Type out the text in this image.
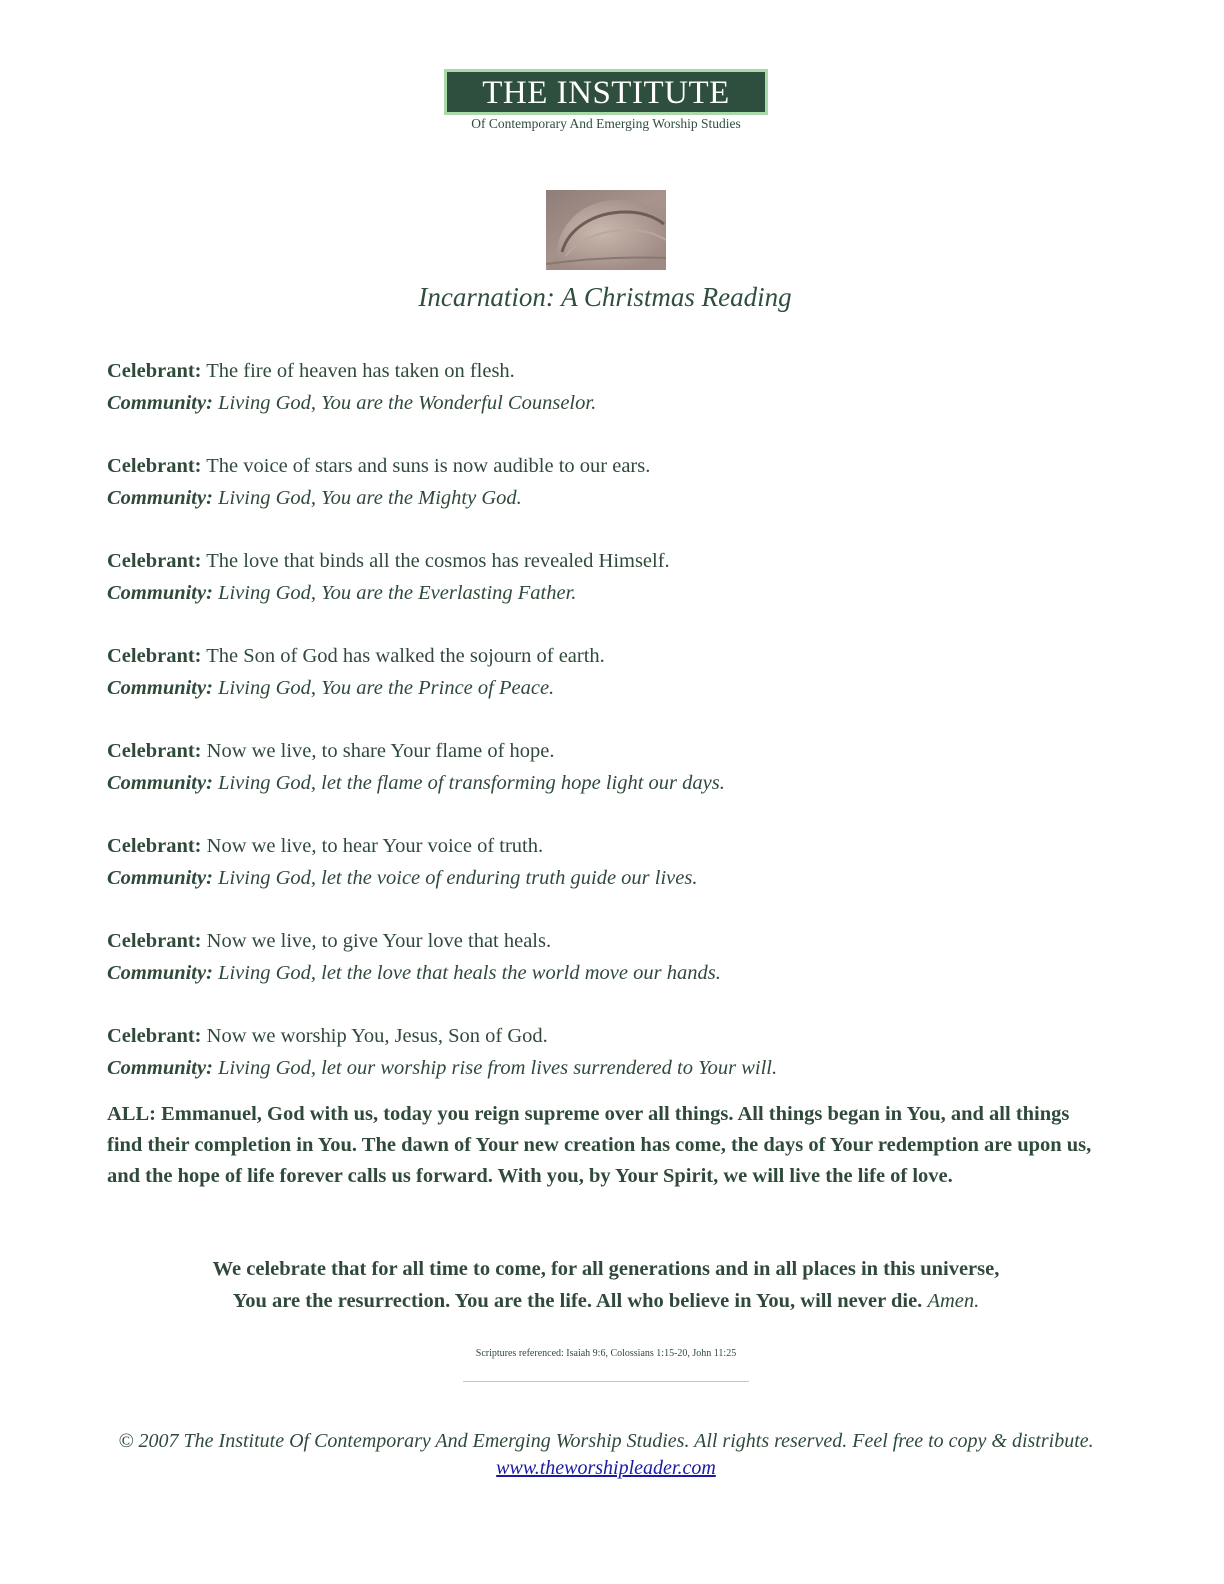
THE INSTITUTE
Of Contemporary And Emerging Worship Studies
Incarnation: A Christmas Reading
Celebrant: The fire of heaven has taken on flesh.
Community: Living God, You are the Wonderful Counselor.
Celebrant: The voice of stars and suns is now audible to our ears.
Community: Living God, You are the Mighty God.
Celebrant: The love that binds all the cosmos has revealed Himself.
Community: Living God, You are the Everlasting Father.
Celebrant: The Son of God has walked the sojourn of earth.
Community: Living God, You are the Prince of Peace.
Celebrant: Now we live, to share Your flame of hope.
Community: Living God, let the flame of transforming hope light our days.
Celebrant: Now we live, to hear Your voice of truth.
Community: Living God, let the voice of enduring truth guide our lives.
Celebrant: Now we live, to give Your love that heals.
Community: Living God, let the love that heals the world move our hands.
Celebrant: Now we worship You, Jesus, Son of God.
Community: Living God, let our worship rise from lives surrendered to Your will.
ALL: Emmanuel, God with us, today you reign supreme over all things. All things began in You, and all things find their completion in You. The dawn of Your new creation has come, the days of Your redemption are upon us, and the hope of life forever calls us forward. With you, by Your Spirit, we will live the life of love.
We celebrate that for all time to come, for all generations and in all places in this universe,
You are the resurrection. You are the life. All who believe in You, will never die. Amen.
Scriptures referenced: Isaiah 9:6, Colossians 1:15-20, John 11:25
© 2007 The Institute Of Contemporary And Emerging Worship Studies. All rights reserved. Feel free to copy & distribute.
www.theworshipleader.com
